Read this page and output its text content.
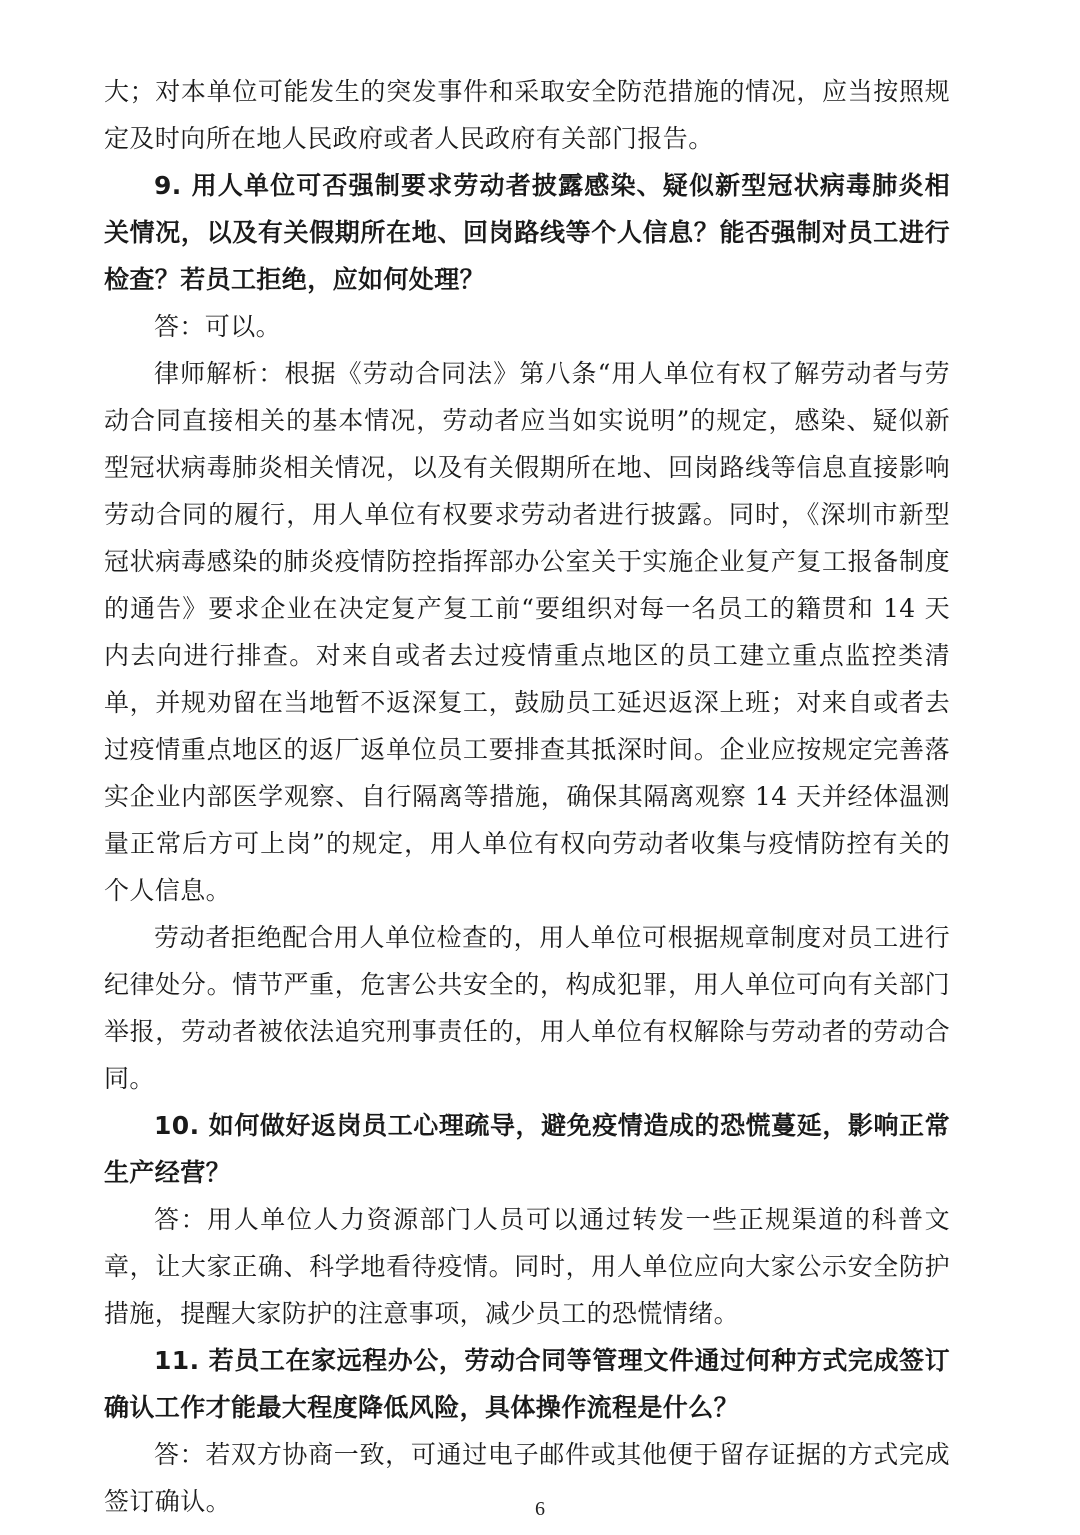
大；对本单位可能发生的突发事件和采取安全防范措施的情况，应当按照规定及时向所在地人民政府或者人民政府有关部门报告。

9. 用人单位可否强制要求劳动者披露感染、疑似新型冠状病毒肺炎相关情况，以及有关假期所在地、回岗路线等个人信息？能否强制对员工进行检查？若员工拒绝，应如何处理？

答：可以。

律师解析：根据《劳动合同法》第八条“用人单位有权了解劳动者与劳动合同直接相关的基本情况，劳动者应当如实说明”的规定，感染、疑似新型冠状病毒肺炎相关情况，以及有关假期所在地、回岗路线等信息直接影响劳动合同的履行，用人单位有权要求劳动者进行披露。同时，《深圳市新型冠状病毒感染的肺炎疫情防控指挥部办公室关于实施企业复产复工报备制度的通告》要求企业在决定复产复工前“要组织对每一名员工的籍贯和 14 天内去向进行排查。对来自或者去过疫情重点地区的员工建立重点监控类清单，并规劝留在当地暂不返深复工，鼓励员工延迟返深上班；对来自或者去过疫情重点地区的返厂返单位员工要排查其抵深时间。企业应按规定完善落实企业内部医学观察、自行隔离等措施，确保其隔离观察 14 天并经体温测量正常后方可上岗”的规定，用人单位有权向劳动者收集与疫情防控有关的个人信息。

劳动者拒绝配合用人单位检查的，用人单位可根据规章制度对员工进行纪律处分。情节严重，危害公共安全的，构成犯罪，用人单位可向有关部门举报，劳动者被依法追究刑事责任的，用人单位有权解除与劳动者的劳动合同。

10. 如何做好返岗员工心理疏导，避免疫情造成的恐慌蔓延，影响正常生产经营？

答：用人单位人力资源部门人员可以通过转发一些正规渠道的科普文章，让大家正确、科学地看待疫情。同时，用人单位应向大家公示安全防护措施，提醒大家防护的注意事项，减少员工的恐慌情绪。

11. 若员工在家远程办公，劳动合同等管理文件通过何种方式完成签订确认工作才能最大程度降低风险，具体操作流程是什么？

答：若双方协商一致，可通过电子邮件或其他便于留存证据的方式完成签订确认。	6
